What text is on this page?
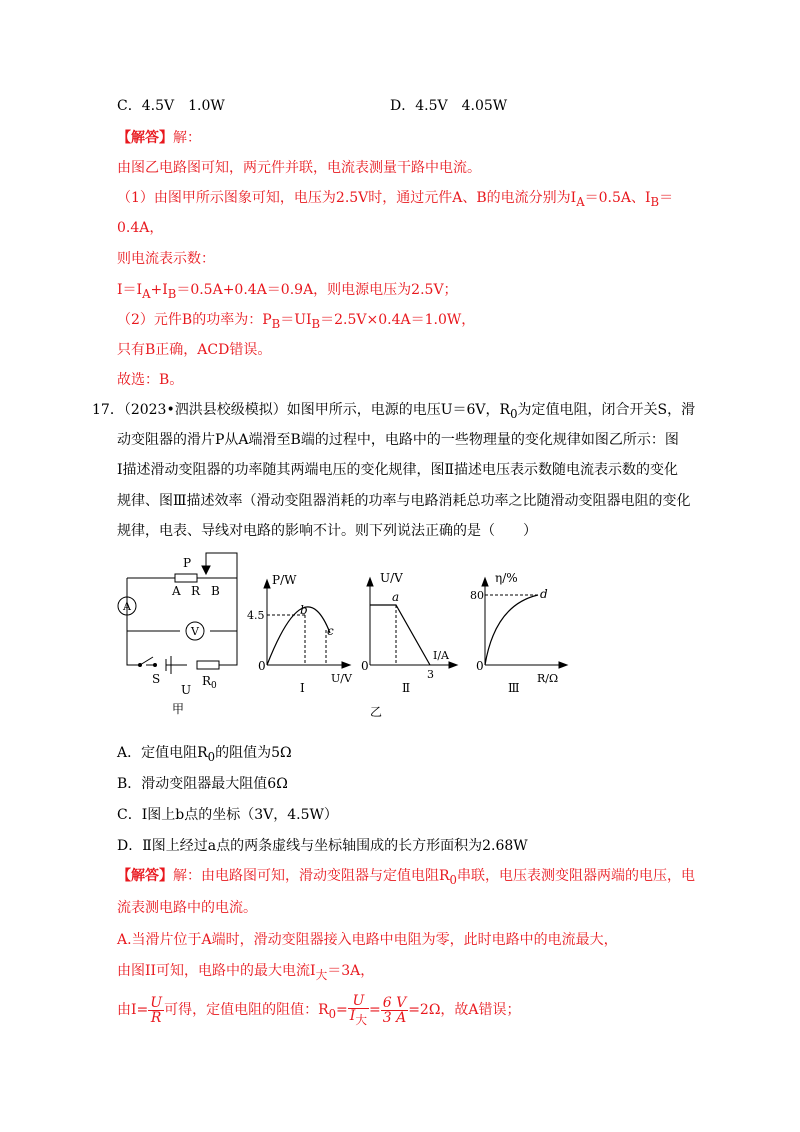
C．4.5V　1.0W	D．4.5V　4.05W
【解答】解：
由图乙电路图可知，两元件并联，电流表测量干路中电流。
（1）由图甲所示图象可知，电压为2.5V时，通过元件A、B的电流分别为$I_A=0.5A$、$I_B=$
0.4A，
则电流表示数：
$I=I_A+I_B=0.5A+0.4A=0.9A$，则电源电压为2.5V；
（2）元件B的功率为：$P_B=UI_B=2.5V\times 0.4A=1.0W$，
只有B正确，ACD错误。
故选：B。
17．（2023•泗洪县校级模拟）如图甲所示，电源的电压U＝6V，$R_0$为定值电阻，闭合开关S，滑
动变阻器的滑片P从A端滑至B端的过程中，电路中的一些物理量的变化规律如图乙所示：图
Ⅰ描述滑动变阻器的功率随其两端电压的变化规律，图Ⅱ描述电压表示数随电流表示数的变化
规律、图Ⅲ描述效率（滑动变阻器消耗的功率与电路消耗总功率之比随滑动变阻器电阻的变化
规律，电表、导线对电路的影响不计。则下列说法正确的是（　　）
P
A R B
A
V
S
U
$R_0$
甲
P/W
U/V
0
4.5	b
c
Ⅰ
U/V
I/A
0
3
a
Ⅱ
乙
η/%
R/Ω
0
80	d
Ⅲ
A．定值电阻$R_0$的阻值为5Ω
B．滑动变阻器最大阻值6Ω
C．Ⅰ图上b点的坐标（3V，4.5W）
D．Ⅱ图上经过a点的两条虚线与坐标轴围成的长方形面积为2.68W
【解答】解：由电路图可知，滑动变阻器与定值电阻$R_0$串联，电压表测变阻器两端的电压，电
流表测电路中的电流。
A.当滑片位于A端时，滑动变阻器接入电路中电阻为零，此时电路中的电流最大，
由图II可知，电路中的最大电流$I_大=3A$，
由$I= \frac{U}{R}$ 可得，定值电阻的阻值：$R_0= \frac{U}{I_大} = \frac{6 V}{3 A} =2\Omega$，故A错误；
